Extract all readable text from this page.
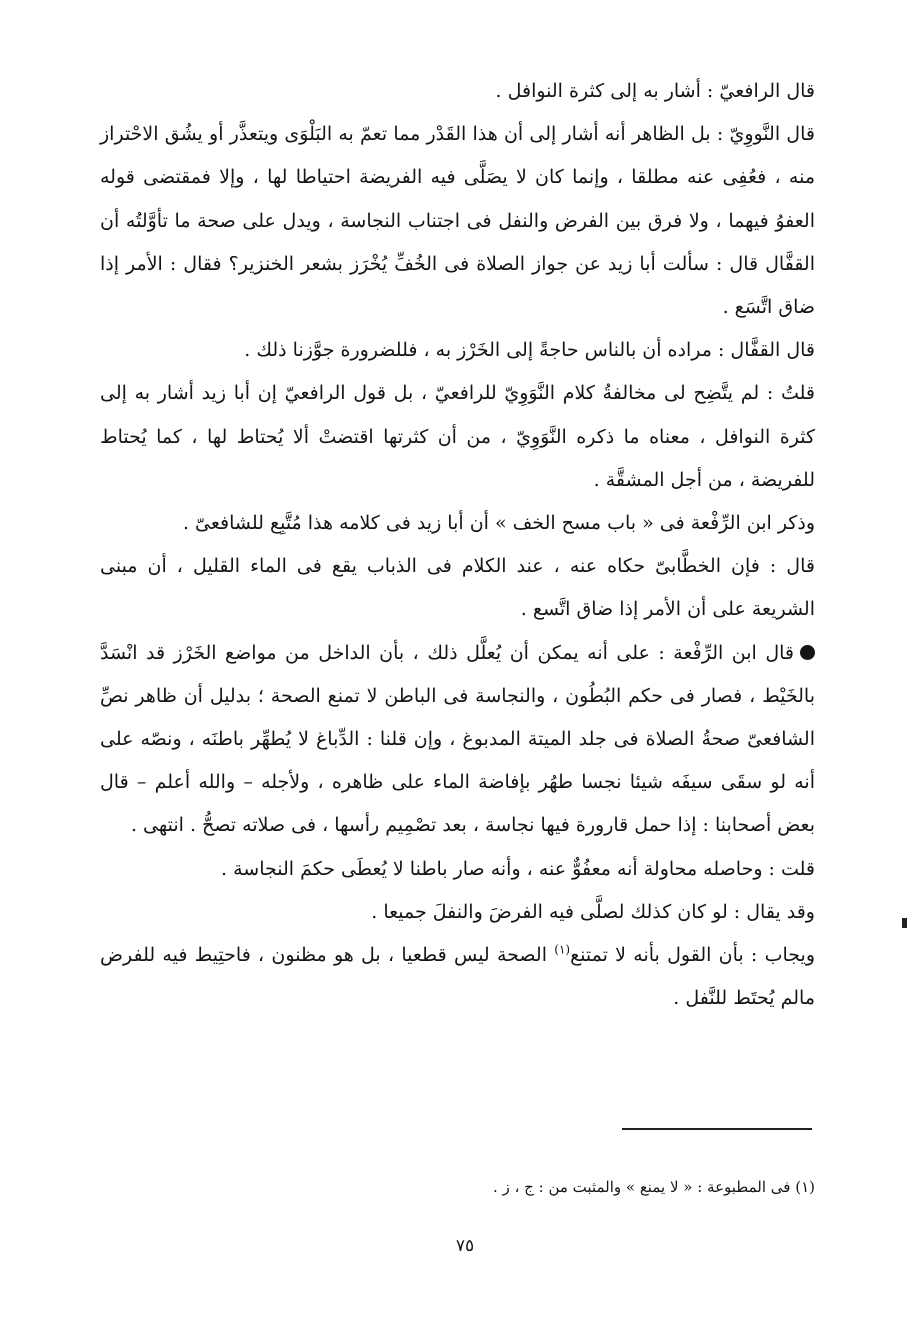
قال الرافعيّ : أشار به إلى كثرة النوافل .

قال النَّووِيّ : بل الظاهر أنه أشار إلى أن هذا القَدْر مما تعمّ به البَلْوَى ويتعذَّر أو يشُق الاحْتراز منه ، فعُفِى عنه مطلقا ، وإنما كان لا يصَلَّى فيه الفريضة احتياطا لها ، وإلا فمقتضى قوله العفوُ فيهما ، ولا فرق بين الفرض والنفل فى اجتناب النجاسة ، ويدل على صحة ما تأوَّلتُه أن القفَّال قال : سألت أبا زيد عن جواز الصلاة فى الخُفِّ يُخْرَز بشعر الخنزير؟ فقال : الأمر إذا ضاق اتَّسَع .

قال القفَّال : مراده أن بالناس حاجةً إلى الخَرْز به ، فللضرورة جوَّزنا ذلك .

قلتُ : لم يتَّضِح لى مخالفةُ كلام النَّوَوِيّ للرافعيّ ، بل قول الرافعيّ إن أبا زيد أشار به إلى كثرة النوافل ، معناه ما ذكره النَّوَوِيّ ، من أن كثرتها اقتضتْ ألا يُحتاط لها ، كما يُحتاط للفريضة ، من أجل المشقَّة .

وذكر ابن الرِّفْعة فى « باب مسح الخف » أن أبا زيد فى كلامه هذا مُتَّبِع للشافعىّ .

قال : فإن الخطَّابىّ حكاه عنه ، عند الكلام فى الذباب يقع فى الماء القليل ، أن مبنى الشريعة على أن الأمر إذا ضاق اتَّسع .

قال ابن الرِّفْعة : على أنه يمكن أن يُعلَّل ذلك ، بأن الداخل من مواضع الخَرْز قد انْسَدَّ بالخَيْط ، فصار فى حكم البُطُون ، والنجاسة فى الباطن لا تمنع الصحة ؛ بدليل أن ظاهر نصِّ الشافعىّ صحةُ الصلاة فى جلد الميتة المدبوغ ، وإن قلنا : الدِّباغ لا يُطهِّر باطنَه ، ونصّه على أنه لو سقَى سيفَه شيئا نجسا طهُر بإفاضة الماء على ظاهره ، ولأجله – والله أعلم – قال بعض أصحابنا : إذا حمل قارورة فيها نجاسة ، بعد تصْمِيم رأسها ، فى صلاته تصحُّ . انتهى .

قلت : وحاصله محاولة أنه معفُوٌّ عنه ، وأنه صار باطنا لا يُعطَى حكمَ النجاسة .

وقد يقال : لو كان كذلك لصلَّى فيه الفرضَ والنفلَ جميعا .

ويجاب : بأن القول بأنه لا تمتنع$^{(١)}$ الصحة ليس قطعيا ، بل هو مظنون ، فاحتِيط فيه للفرض مالم يُحتَط للنَّفل .

(١) فى المطبوعة : « لا يمنع » والمثبت من : ج ، ز .
٧٥
